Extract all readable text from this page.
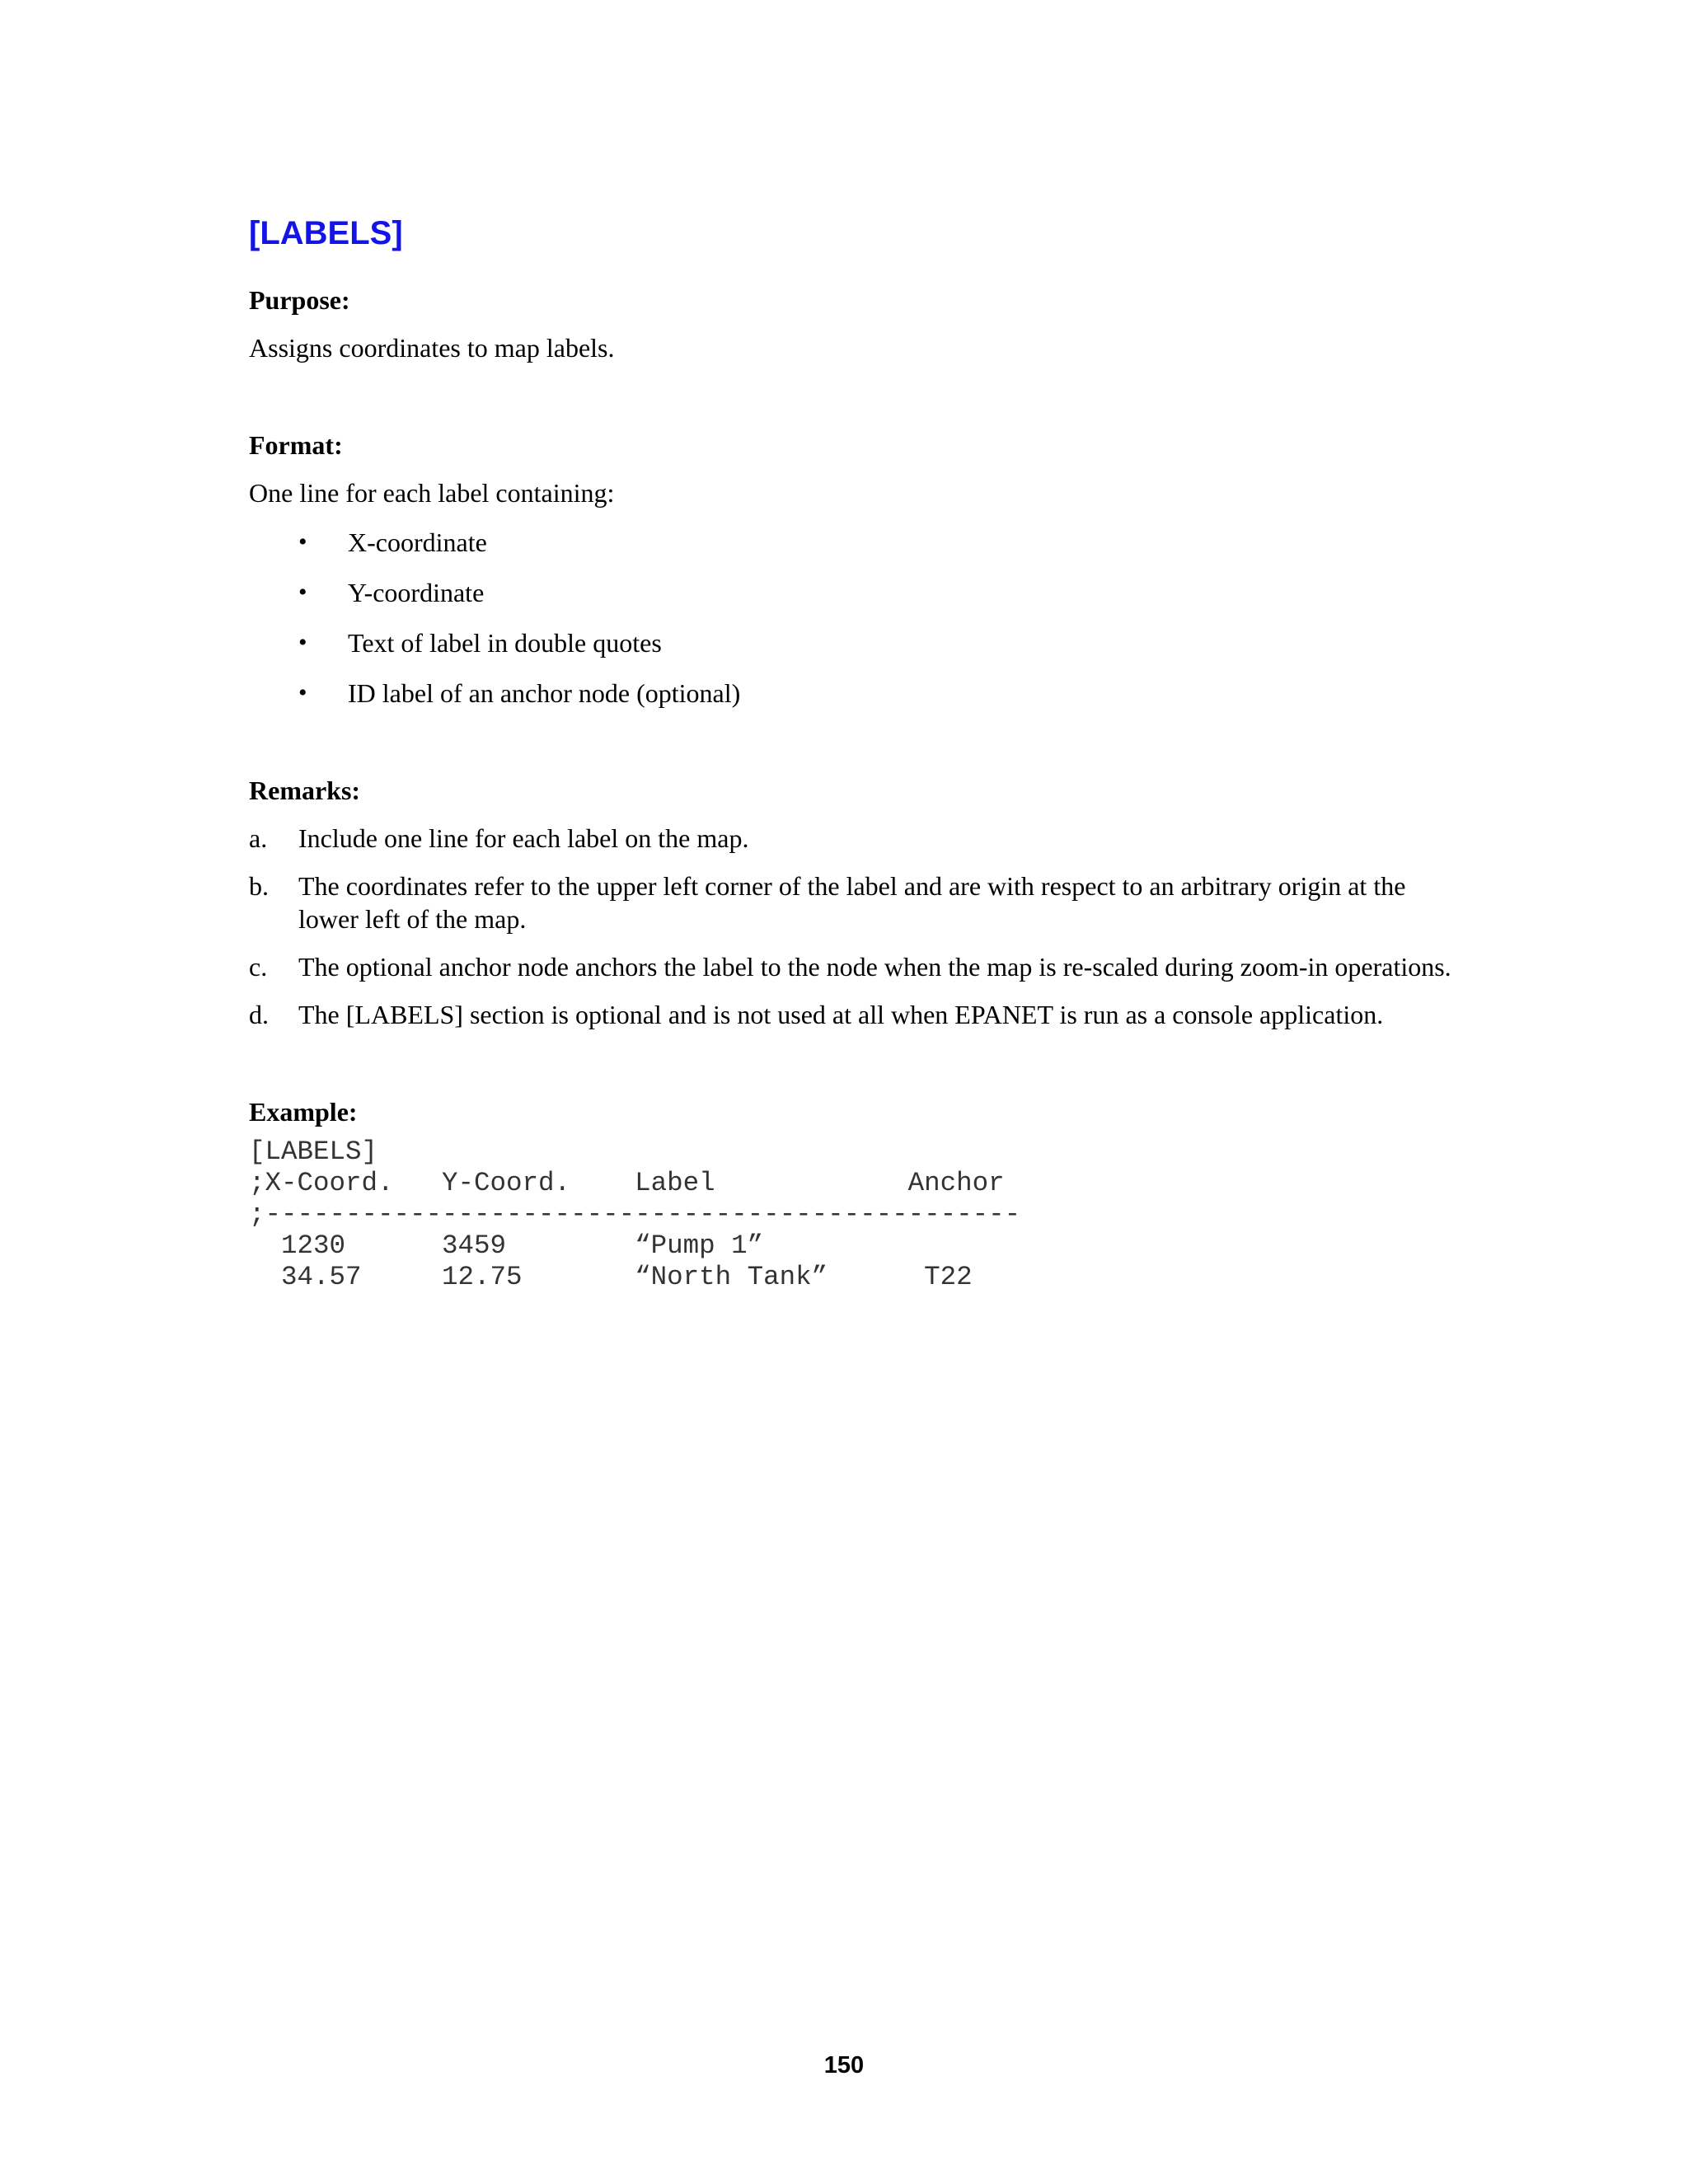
[LABELS]

Purpose:

Assigns coordinates to map labels.

Format:

One line for each label containing:

• X-coordinate
• Y-coordinate
• Text of label in double quotes
• ID label of an anchor node (optional)

Remarks:

a. Include one line for each label on the map.
b. The coordinates refer to the upper left corner of the label and are with respect to an arbitrary origin at the lower left of the map.
c. The optional anchor node anchors the label to the node when the map is re-scaled during zoom-in operations.
d. The [LABELS] section is optional and is not used at all when EPANET is run as a console application.

Example:

[LABELS]
;X-Coord.   Y-Coord.    Label            Anchor
;-----------------------------------------------
1230      3459        “Pump 1”
34.57     12.75       “North Tank”      T22
150
